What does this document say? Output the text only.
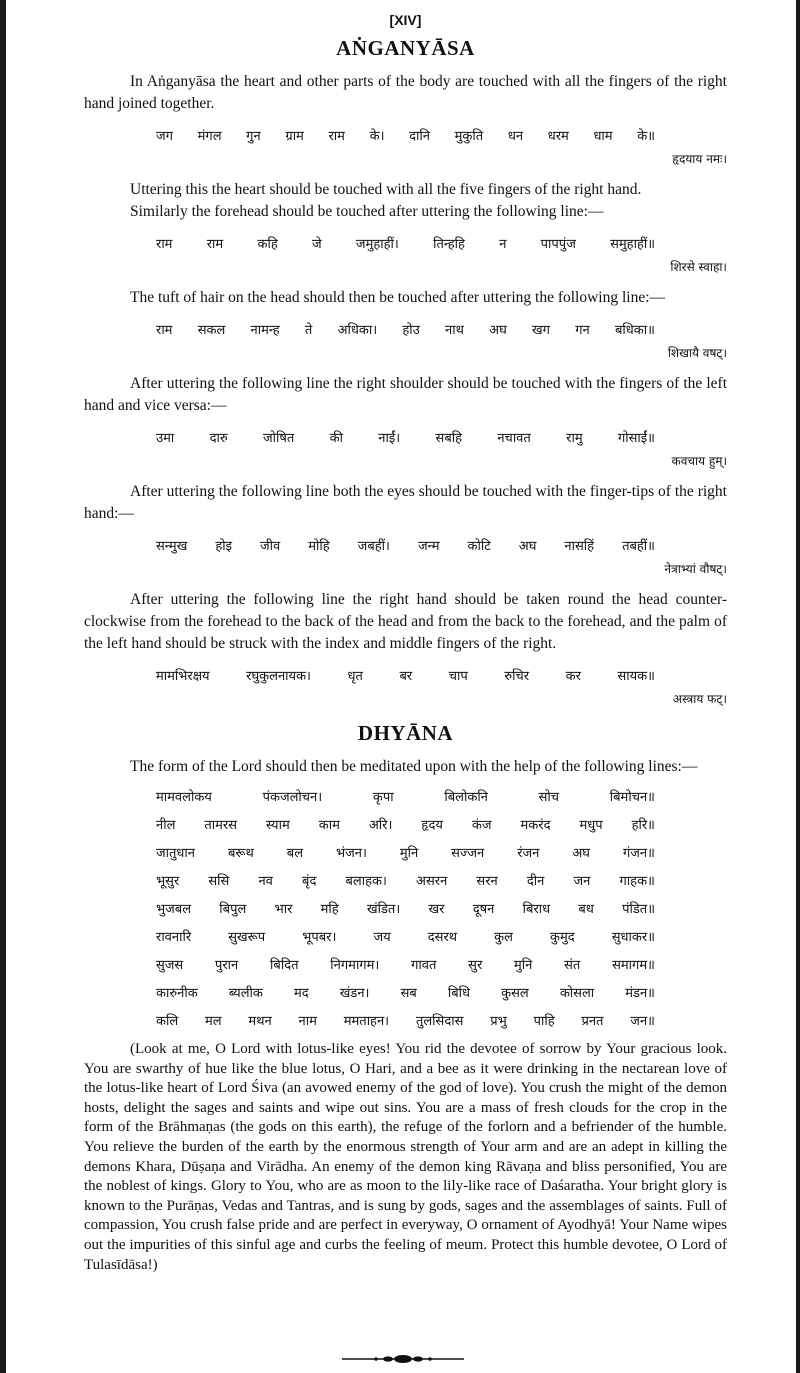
[XIV]
AṄGANYĀSA

In Aṅganyāsa the heart and other parts of the body are touched with all the fingers of the right hand joined together.

जग मंगल गुन ग्राम राम के। दानि मुकुति धन धरम धाम के॥
हृदयाय नमः।

Uttering this the heart should be touched with all the five fingers of the right hand.

Similarly the forehead should be touched after uttering the following line:—

राम	राम	कहि	जे	जमुहाहीं।	तिन्हहि	न	पापपुंज	समुहाहीं॥
शिरसे स्वाहा।

The tuft of hair on the head should then be touched after uttering the following line:—

राम सकल नामन्ह ते अधिका। होउ नाथ अघ खग गन बधिका॥
शिखायै वषट्।

After uttering the following line the right shoulder should be touched with the fingers of the left hand and vice versa:—

उमा	दारु	जोषित	की	नाईं।	सबहि	नचावत	रामु	गोसाईं॥
कवचाय हुम्।

After uttering the following line both the eyes should be touched with the finger-tips of the right hand:—

सन्मुख होइ जीव मोहि जबहीं। जन्म कोटि अघ नासहिं तबहीं॥
नेत्राभ्यां वौषट्।

After uttering the following line the right hand should be taken round the head counter-clockwise from the forehead to the back of the head and from the back to the forehead, and the palm of the left hand should be struck with the index and middle fingers of the right.

मामभिरक्षय	रघुकुलनायक।	धृत	बर	चाप	रुचिर	कर	सायक॥
अस्त्राय फट्।
DHYĀNA

The form of the Lord should then be meditated upon with the help of the following lines:—

मामवलोकय	पंकजलोचन।	कृपा	बिलोकनि	सोच	बिमोचन॥
नील तामरस स्याम काम अरि। हृदय कंज मकरंद मधुप हरि॥
जातुधान	बरूथ	बल	भंजन।	मुनि	सज्जन	रंजन	अघ	गंजन॥
भूसुर ससि नव बृंद बलाहक। असरन सरन दीन जन गाहक॥
भुजबल बिपुल भार महि खंडित। खर दूषन बिराध बध पंडित॥
रावनारि	सुखरूप	भूपबर।	जय	दसरथ	कुल	कुमुद	सुधाकर॥
सुजस पुरान बिदित निगमागम। गावत सुर मुनि संत समागम॥
कारुनीक ब्यलीक मद खंडन। सब बिधि कुसल कोसला मंडन॥
कलि मल मथन नाम ममताहन। तुलसिदास प्रभु पाहि प्रनत जन॥

(Look at me, O Lord with lotus-like eyes! You rid the devotee of sorrow by Your gracious look. You are swarthy of hue like the blue lotus, O Hari, and a bee as it were drinking in the nectarean love of the lotus-like heart of Lord Śiva (an avowed enemy of the god of love). You crush the might of the demon hosts, delight the sages and saints and wipe out sins. You are a mass of fresh clouds for the crop in the form of the Brāhmaṇas (the gods on this earth), the refuge of the forlorn and a befriender of the humble. You relieve the burden of the earth by the enormous strength of Your arm and are an adept in killing the demons Khara, Dūṣaṇa and Virādha. An enemy of the demon king Rāvaṇa and bliss personified, You are the noblest of kings. Glory to You, who are as moon to the lily-like race of Daśaratha. Your bright glory is known to the Purāṇas, Vedas and Tantras, and is sung by gods, sages and the assemblages of saints. Full of compassion, You crush false pride and are perfect in everyway, O ornament of Ayodhyā! Your Name wipes out the impurities of this sinful age and curbs the feeling of meum. Protect this humble devotee, O Lord of Tulasīdāsa!)
